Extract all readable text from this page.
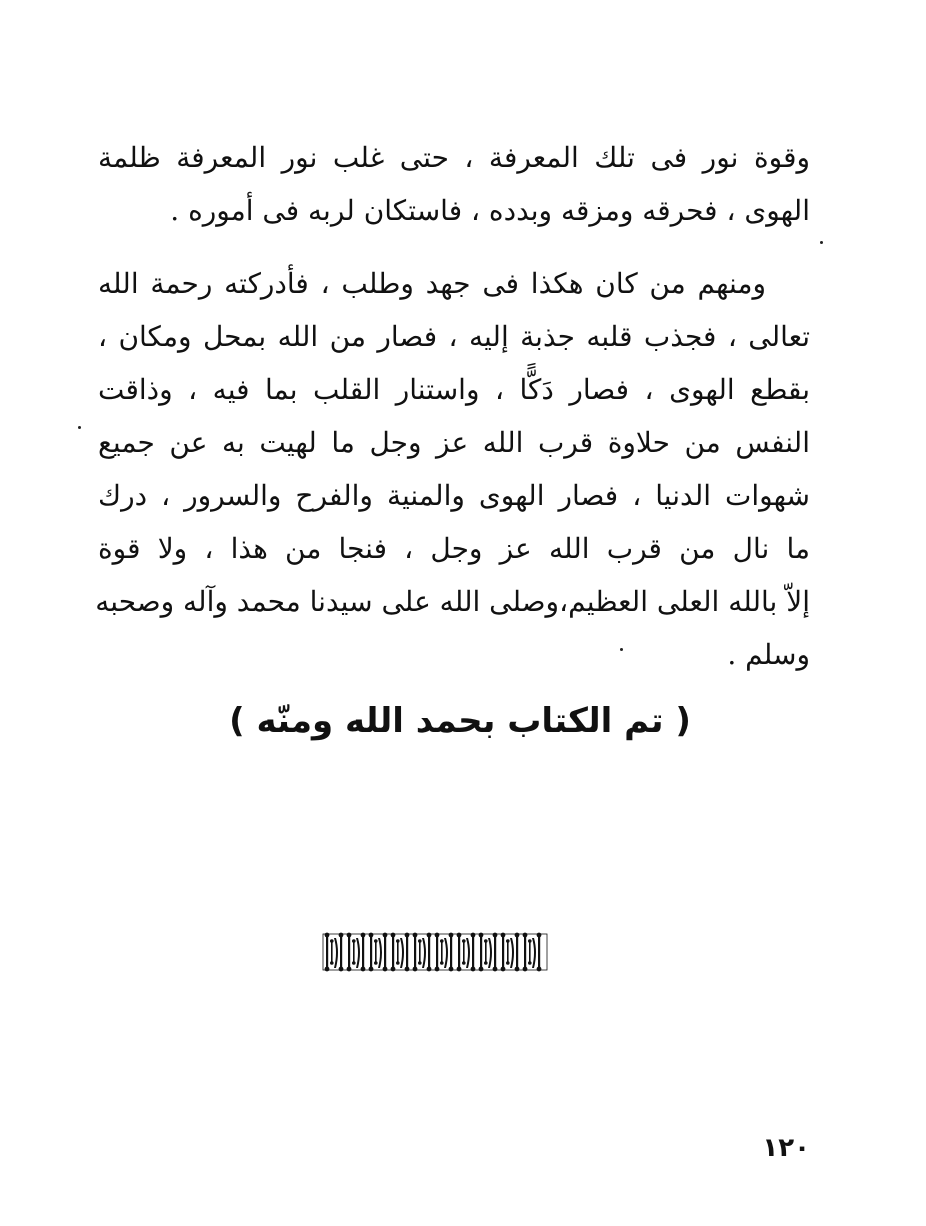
وقوة نور فى تلك المعرفة ، حتى غلب نور المعرفة ظلمة
الهوى ، فحرقه ومزقه وبدده ، فاستكان لربه فى أموره .
ومنهم من كان هكذا فى جهد وطلب ، فأدركته رحمة الله
تعالى ، فجذب قلبه جذبة إليه ، فصار من الله بمحل ومكان ،
بقطع الهوى ، فصار دَكًّا ، واستنار القلب بما فيه ، وذاقت
النفس من حلاوة قرب الله عز وجل ما لهيت به عن جميع
شهوات الدنيا ، فصار الهوى والمنية والفرح والسرور ، درك
ما نال من قرب الله عز وجل ، فنجا من هذا ، ولا قوة
إلاّ بالله العلى العظيم،وصلى الله على سيدنا محمد وآله وصحبه
وسلم .
( تم الكتاب بحمد الله ومنّه )
١٢٠
